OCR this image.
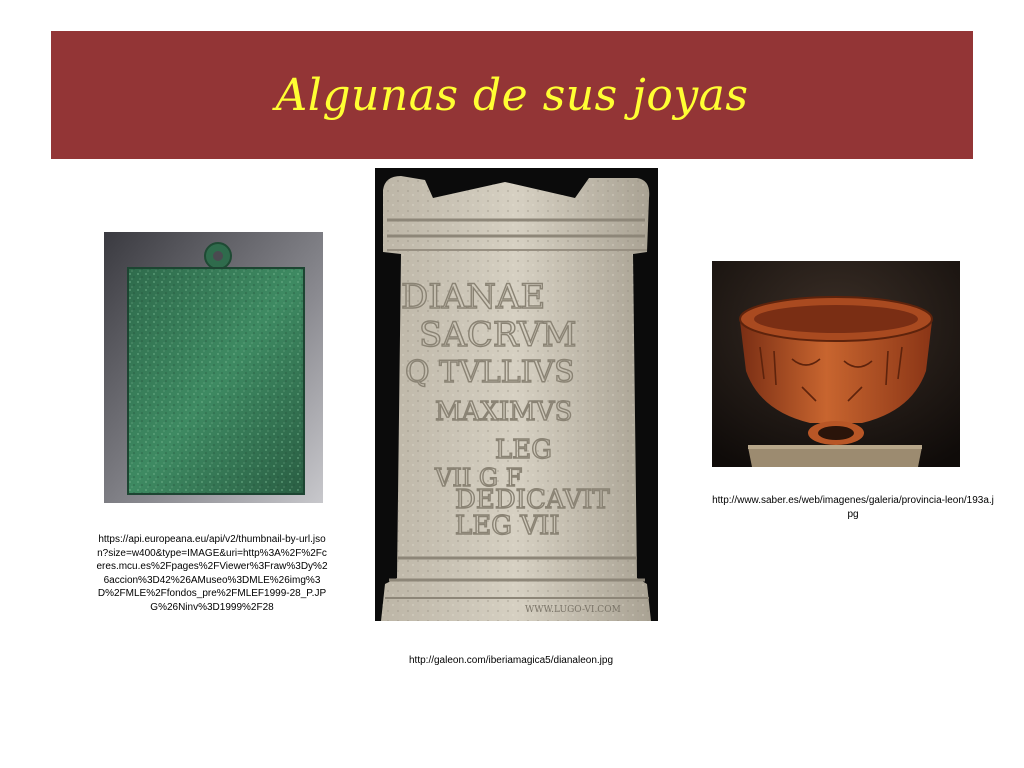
Algunas de sus joyas
https://api.europeana.eu/api/v2/thumbnail-by-url.json?size=w400&type=IMAGE&uri=http%3A%2F%2Fceres.mcu.es%2Fpages%2FViewer%3Fraw%3Dy%26accion%3D42%26AMuseo%3DMLE%26img%3D%2FMLE%2Ffondos_pre%2FMLEF1999-28_P.JPG%26Ninv%3D1999%2F28
DIANAE
SACRVM
Q TVLLIVS
MAXIMVS
LEG
VII G F
DEDICAVIT
LEG VII
WWW.LUGO-VI.COM
http://galeon.com/iberiamagica5/dianaleon.jpg
http://www.saber.es/web/imagenes/galeria/provincia-leon/193a.jpg
